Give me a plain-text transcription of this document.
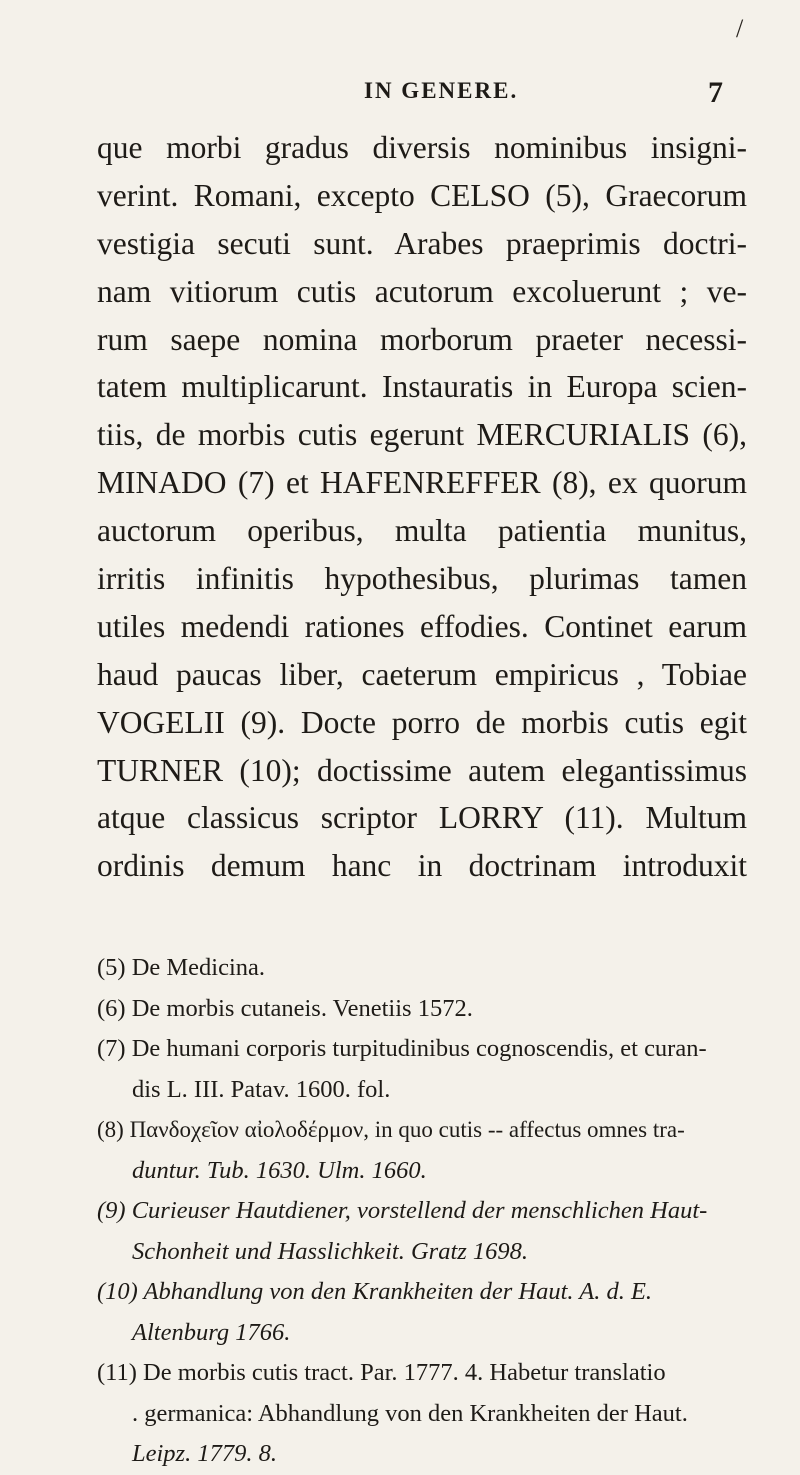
IN GENERE.	7
/
que morbi gradus diversis nominibus insigni-
verint. Romani, excepto CELSO (5), Graecorum
vestigia secuti sunt. Arabes praeprimis doctri-
nam vitiorum cutis acutorum excoluerunt ; ve-
rum saepe nomina morborum praeter necessi-
tatem multiplicarunt. Instauratis in Europa scien-
tiis, de morbis cutis egerunt MERCURIALIS (6),
MINADO (7) et HAFENREFFER (8), ex quorum
auctorum operibus, multa patientia munitus,
irritis infinitis hypothesibus, plurimas tamen
utiles medendi rationes effodies. Continet earum
haud paucas liber, caeterum empiricus , Tobiae
VOGELII (9). Docte porro de morbis cutis egit
TURNER (10); doctissime autem elegantissimus
atque classicus scriptor LORRY (11). Multum
ordinis demum hanc in doctrinam introduxit
(5) De Medicina.
(6) De morbis cutaneis. Venetiis 1572.
(7) De humani corporis turpitudinibus cognoscendis, et curan-
dis L. III. Patav. 1600. fol.
(8) Πανδοχεῖον αἰολοδέρμον, in quo cutis -- affectus omnes tra-
duntur. Tub. 1630. Ulm. 1660.
(9) Curieuser Hautdiener, vorstellend der menschlichen Haut-
Schonheit und Hasslichkeit. Gratz 1698.
(10) Abhandlung von den Krankheiten der Haut. A. d. E.
Altenburg 1766.
(11) De morbis cutis tract. Par. 1777. 4. Habetur translatio
. germanica: Abhandlung von den Krankheiten der Haut.
Leipz. 1779. 8.
